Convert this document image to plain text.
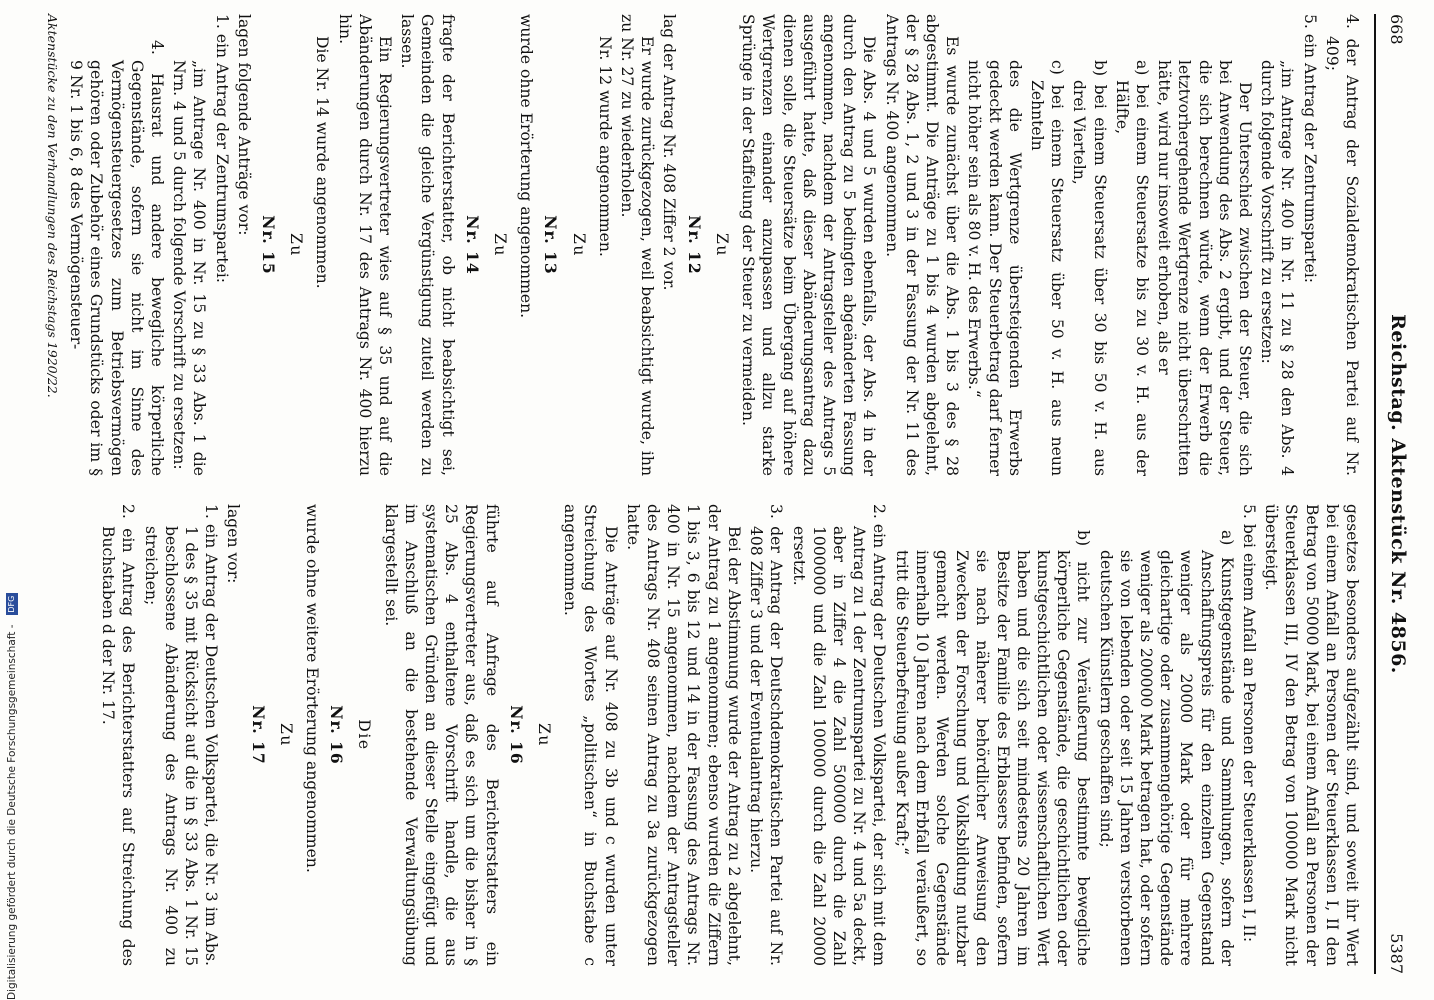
668
Reichstag. Aktenstück Nr. 4856.
5387

4. der Antrag der Sozialdemokratischen Partei auf Nr. 409;

5. ein Antrag der Zentrumspartei:

„im Antrage Nr. 400 in Nr. 11 zu § 28 den Abs. 4 durch folgende Vorschrift zu ersetzen:

Der Unterschied zwischen der Steuer, die sich bei Anwendung des Abs. 2 ergibt, und der Steuer, die sich berechnen würde, wenn der Erwerb die letztvorhergehende Wertgrenze nicht überschritten hätte, wird nur insoweit erhoben, als er

a) bei einem Steuersatze bis zu 30 v. H. aus der Hälfte,

b) bei einem Steuersatz über 30 bis 50 v. H. aus drei Vierteln,

c) bei einem Steuersatz über 50 v. H. aus neun Zehnteln

des die Wertgrenze übersteigenden Erwerbs gedeckt werden kann. Der Steuerbetrag darf ferner nicht höher sein als 80 v. H. des Erwerbs.“

Es wurde zunächst über die Abs. 1 bis 3 des § 28 abgestimmt. Die Anträge zu 1 bis 4 wurden abgelehnt, der § 28 Abs. 1, 2 und 3 in der Fassung der Nr. 11 des Antrags Nr. 400 angenommen.

Die Abs. 4 und 5 wurden ebenfalls, der Abs. 4 in der durch den Antrag zu 5 bedingten abgeänderten Fassung angenommen, nachdem der Antragsteller des Antrags 5 ausgeführt hatte, daß dieser Abänderungsantrag dazu dienen solle, die Steuersätze beim Übergang auf höhere Wertgrenzen einander anzupassen und allzu starke Sprünge in der Staffelung der Steuer zu vermeiden.

Zu

Nr. 12

lag der Antrag Nr. 408 Ziffer 2 vor.

Er wurde zurückgezogen, weil beabsichtigt wurde, ihn zu Nr. 27 zu wiederholen.

Nr. 12 wurde angenommen.

Zu

Nr. 13

wurde ohne Erörterung angenommen.

Zu

Nr. 14

fragte der Berichterstatter, ob nicht beabsichtigt sei, Gemeinden die gleiche Vergünstigung zuteil werden zu lassen.

Ein Regierungsvertreter wies auf § 35 und auf die Abänderungen durch Nr. 17 des Antrags Nr. 400 hierzu hin.

Die Nr. 14 wurde angenommen.

Zu

Nr. 15

lagen folgende Anträge vor:

1. ein Antrag der Zentrumspartei:

„im Antrage Nr. 400 in Nr. 15 zu § 33 Abs. 1 die Nrn. 4 und 5 durch folgende Vorschrift zu ersetzen:

4. Hausrat und andere bewegliche körperliche Gegenstände, sofern sie nicht im Sinne des Vermögensteuergesetzes zum Betriebsvermögen gehören oder Zubehör eines Grundstücks oder im § 9 Nr. 1 bis 6, 8 des Vermögensteuer-

gesetzes besonders aufgezählt sind, und soweit ihr Wert bei einem Anfall an Personen der Steuerklassen I, II den Betrag von 50000 Mark, bei einem Anfall an Personen der Steuerklassen III, IV den Betrag von 100000 Mark nicht übersteigt.

5. bei einem Anfall an Personen der Steuerklassen I, II:

a) Kunstgegenstände und Sammlungen, sofern der Anschaffungspreis für den einzelnen Gegenstand weniger als 20000 Mark oder für mehrere gleichartige oder zusammengehörige Gegenstände weniger als 200000 Mark betragen hat, oder sofern sie von lebenden oder seit 15 Jahren verstorbenen deutschen Künstlern geschaffen sind;

b) nicht zur Veräußerung bestimmte bewegliche körperliche Gegenstände, die geschichtlichen oder kunstgeschichtlichen oder wissenschaftlichen Wert haben und die sich seit mindestens 20 Jahren im Besitze der Familie des Erblassers befinden, sofern sie nach näherer behördlicher Anweisung den Zwecken der Forschung und Volksbildung nutzbar gemacht werden. Werden solche Gegenstände innerhalb 10 Jahren nach dem Erbfall veräußert, so tritt die Steuerbefreiung außer Kraft;“

2. ein Antrag der Deutschen Volkspartei, der sich mit dem Antrag zu 1 der Zentrumspartei zu Nr. 4 und 5a deckt, aber in Ziffer 4 die Zahl 500000 durch die Zahl 1000000 und die Zahl 100000 durch die Zahl 20000 ersetzt.

3. der Antrag der Deutschdemokratischen Partei auf Nr. 408 Ziffer 3 und der Eventualantrag hierzu.

Bei der Abstimmung wurde der Antrag zu 2 abgelehnt, der Antrag zu 1 angenommen; ebenso wurden die Ziffern 1 bis 3, 6 bis 12 und 14 in der Fassung des Antrags Nr. 400 in Nr. 15 angenommen, nachdem der Antragsteller des Antrags Nr. 408 seinen Antrag zu 3a zurückgezogen hatte.

Die Anträge auf Nr. 408 zu 3b und c wurden unter Streichung des Wortes „politischen“ in Buchstabe c angenommen.

Zu

Nr. 16

führte auf Anfrage des Berichterstatters ein Regierungsvertreter aus, daß es sich um die bisher in § 25 Abs. 4 enthaltene Vorschrift handle, die aus systematischen Gründen an dieser Stelle eingefügt und im Anschluß an die bestehende Verwaltungsübung klargestellt sei.

Die

Nr. 16

wurde ohne weitere Erörterung angenommen.

Zu

Nr. 17

lagen vor:

1. ein Antrag der Deutschen Volkspartei, die Nr. 3 im Abs. 1 des § 35 mit Rücksicht auf die in § 33 Abs. 1 Nr. 15 beschlossene Abänderung des Antrags Nr. 400 zu streichen;

2. ein Antrag des Berichterstatters auf Streichung des Buchstaben d der Nr. 17.

Aktenstücke zu den Verhandlungen des Reichstags 1920/22.
Digitalisierung gefördert durch die Deutsche Forschungsgemeinschaft - DFG
